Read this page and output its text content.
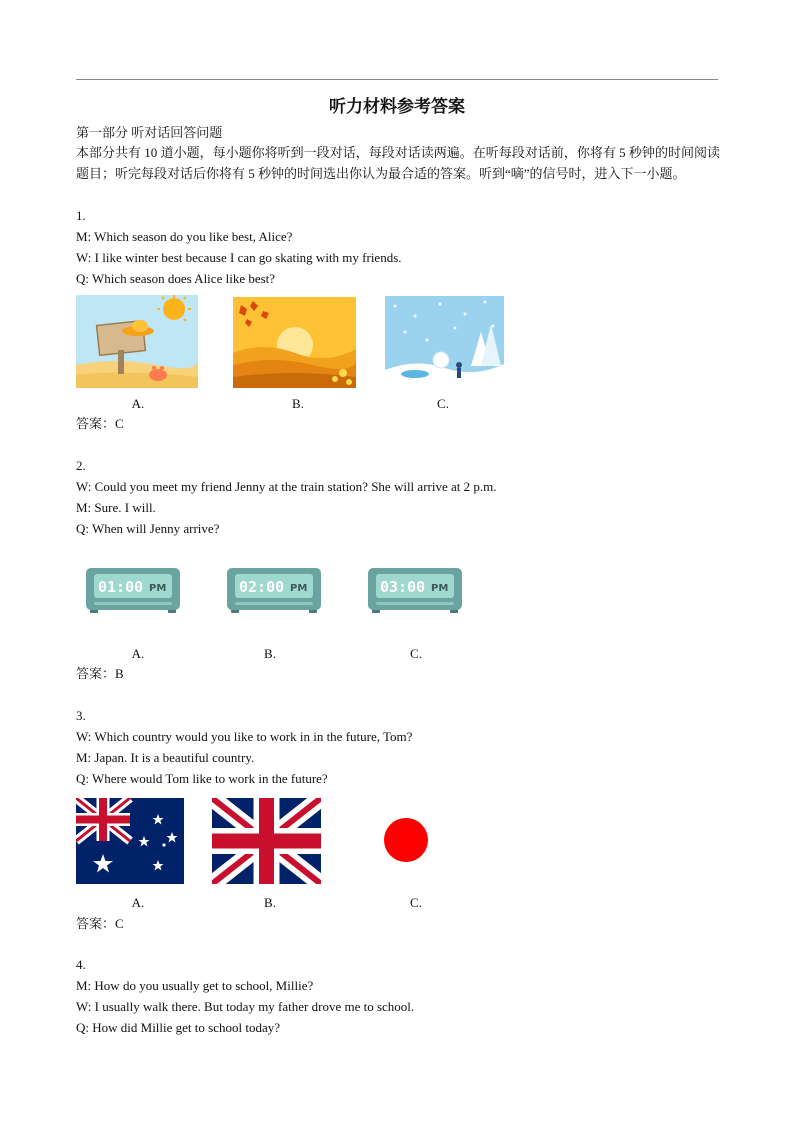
听力材料参考答案
第一部分 听对话回答问题
本部分共有 10 道小题，每小题你将听到一段对话，每段对话读两遍。在听每段对话前，你将有 5 秒钟的时间阅读题目；听完每段对话后你将有 5 秒钟的时间选出你认为最合适的答案。听到“嘀”的信号时，进入下一小题。
1.
M: Which season do you like best, Alice?
W: I like winter best because I can go skating with my friends.
Q: Which season does Alice like best?
A.	B.	C.
答案：C
2.
W: Could you meet my friend Jenny at the train station? She will arrive at 2 p.m.
M: Sure. I will.
Q: When will Jenny arrive?
01:00 PM	02:00 PM	03:00 PM
A.	B.	C.
答案：B
3.
W: Which country would you like to work in in the future, Tom?
M: Japan. It is a beautiful country.
Q: Where would Tom like to work in the future?
A.	B.	C.
答案：C
4.
M: How do you usually get to school, Millie?
W: I usually walk there. But today my father drove me to school.
Q: How did Millie get to school today?
